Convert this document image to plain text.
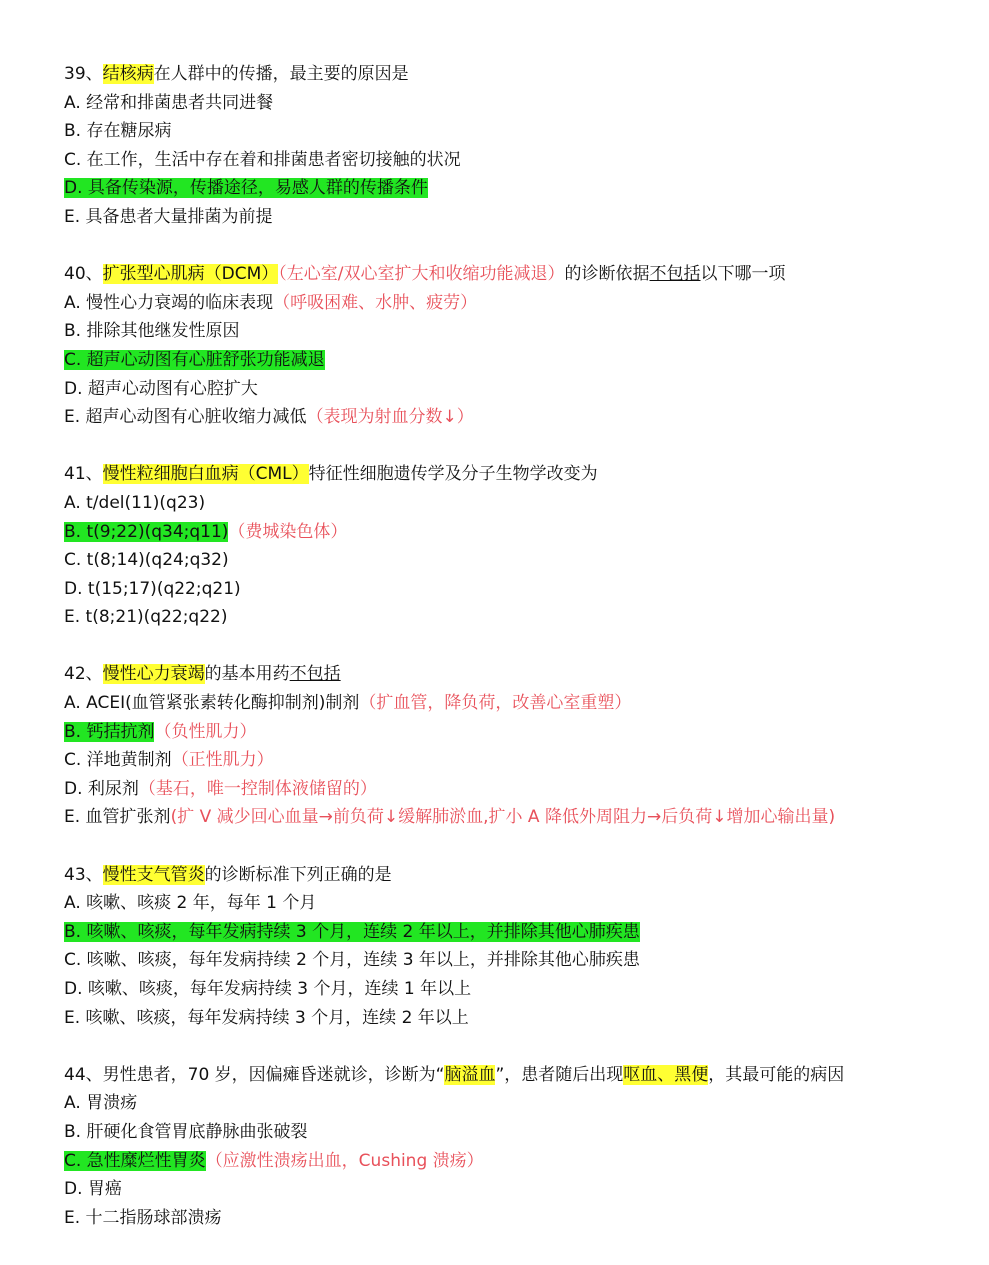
39、结核病在人群中的传播，最主要的原因是
A. 经常和排菌患者共同进餐
B. 存在糖尿病
C. 在工作，生活中存在着和排菌患者密切接触的状况
D. 具备传染源，传播途径，易感人群的传播条件
E. 具备患者大量排菌为前提
40、扩张型心肌病（DCM）（左心室/双心室扩大和收缩功能减退）的诊断依据不包括以下哪一项
A. 慢性心力衰竭的临床表现（呼吸困难、水肿、疲劳）
B. 排除其他继发性原因
C. 超声心动图有心脏舒张功能减退
D. 超声心动图有心腔扩大
E. 超声心动图有心脏收缩力减低（表现为射血分数↓）
41、慢性粒细胞白血病（CML）特征性细胞遗传学及分子生物学改变为
A. t/del(11)(q23)
B. t(9;22)(q34;q11)（费城染色体）
C. t(8;14)(q24;q32)
D. t(15;17)(q22;q21)
E. t(8;21)(q22;q22)
42、慢性心力衰竭的基本用药不包括
A. ACEI(血管紧张素转化酶抑制剂)制剂（扩血管，降负荷，改善心室重塑）
B. 钙拮抗剂（负性肌力）
C. 洋地黄制剂（正性肌力）
D. 利尿剂（基石，唯一控制体液储留的）
E. 血管扩张剂(扩 V 减少回心血量→前负荷↓缓解肺淤血,扩小 A 降低外周阻力→后负荷↓增加心输出量)
43、慢性支气管炎的诊断标准下列正确的是
A. 咳嗽、咳痰 2 年，每年 1 个月
B. 咳嗽、咳痰，每年发病持续 3 个月，连续 2 年以上，并排除其他心肺疾患
C. 咳嗽、咳痰，每年发病持续 2 个月，连续 3 年以上，并排除其他心肺疾患
D. 咳嗽、咳痰，每年发病持续 3 个月，连续 1 年以上
E. 咳嗽、咳痰，每年发病持续 3 个月，连续 2 年以上
44、男性患者，70 岁，因偏瘫昏迷就诊，诊断为“脑溢血”，患者随后出现呕血、黑便，其最可能的病因
A. 胃溃疡
B. 肝硬化食管胃底静脉曲张破裂
C. 急性糜烂性胃炎（应激性溃疡出血，Cushing 溃疡）
D. 胃癌
E. 十二指肠球部溃疡
